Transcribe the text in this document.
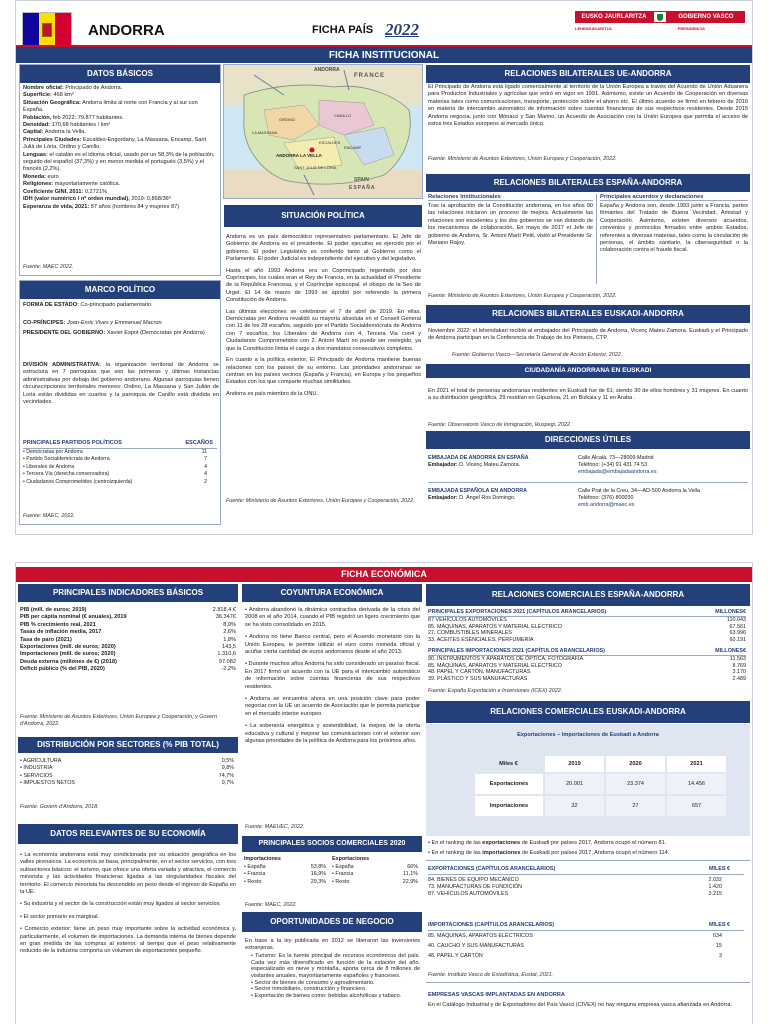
ANDORRA	FICHA PAÍS 2022
EUSKO JAURLARITZA	GOBIERNO VASCO
LEHENDAKARITZA	PRESIDENCIA
FICHA INSTITUCIONAL
DATOS BÁSICOS
Nombre oficial: Principado de Andorra.
Superficie: 468 km²
Situación Geográfica: Andorra limita al norte con Francia y al sur con España.
Población, feb 2022: 79.877 habitantes.
Densidad: 170,68 habitantes / km²
Capital: Andorra la Vella.
Principales Ciudades: Escaldes-Engordany, La Massana, Encamp, Sant Julià de Lòria, Ordino y Canillo.
Lenguas: el catalán es el idioma oficial, usado por un 58,3% de la población, seguido del español (37,3%) y en menor medida el portugués (3,5%) y el francés (2,2%).
Moneda: euro
Religiones: mayoritariamente católica.
Coeficiente GINI, 2011: 0,2721%
IDH (valor numérico / nº orden mundial), 2019: 0,868/36º
Esperanza de vida, 2021: 87 años (hombres 84 y mujeres 87)
Fuente: MAEC 2022.
MARCO POLÍTICO
FORMA DE ESTADO: Co-principado parlamentario.
CO-PRÍNCIPES: Joan-Enric Vives y Emmanuel Macron.
PRESIDENTE DEL GOBIERNO: Xavier Espot (Demócratas por Andorra)
DIVISIÓN ADMINISTRATIVA: la organización territorial de Andorra se estructura en 7 parroquias que son las primeras y últimas instancias administrativas por debajo del gobierno andorrano. Algunas parroquias tienen circunscripciones territoriales menores: Ordino, La Massana y San Julián de Loria están divididas en cuartos y la parroquia de Canillo está dividida en vecindades.
PRINCIPALES PARTIDOS POLÍTICOS	ESCAÑOS
• Demócratas por Andorra	11
• Partido Socialdemócrata de Andorra	7
• Liberales de Andorra	4
• Tercera Vía (derecha conservadora)	4
• Ciudadanos Comprometidos (centroizquierda)	2
Fuente: MAEC, 2022.
FRANCE
ANDORRA
ANDORRA LA VELLA
SPAIN
ESPAÑA
ORDINO
ENCAMP
CANILLO
LA MASSANA
ESCALDES
SANT JULIÀ DE LÒRIA
SITUACIÓN POLÍTICA

Andorra es un país democrático representativo parlamentario. El Jefe de Gobierno de Andorra es el presidente. El poder ejecutivo es ejercido por el gobierno. El poder Legislativo es conferido tanto al Gobierno como el Parlamento. El poder Judicial es independiente del ejecutivo y del legislativo.

Hasta el año 1993 Andorra era un Coprincipado regentado por dos Copríncipes, los cuales eran el Rey de Francia, en la actualidad el Presidente de la República Francesa, y el Copríncipe episcopal, el obispo de la Seo de Urgel. El 14 de marzo de 1993 se aprobó por referendo la primera Constitución de Andorra.

Las últimas elecciones se celebraron el 7 de abril de 2019. En ellas, Demócratas per Andorra revalidó su mayoría absoluta en el Consell General con 11 de los 28 escaños, seguido por el Partido Socialdemócrata de Andorra con 7 escaños, los Liberales de Andorra con 4, Tercera Via con4 y Ciudadanos Comprometidos con 2. Antoni Martí no puede ser reelegido, ya que la Constitución limita el cargo a dos mandatos consecutivos completos.

En cuanto a la política exterior, El Principado de Andorra mantiene buenas relaciones con los países de su entorno. Las prioridades andorranas se centran en los países vecinos (España y Francia), en Europa y los pequeños Estados con los que comparte muchas similitudes.

Andorra es país miembro de la ONU.

Fuente: Ministerio de Asuntos Exteriores, Unión Europea y Cooperación, 2022.
RELACIONES BILATERALES UE-ANDORRA
El Principado de Andorra está ligado comercialmente al territorio de la Unión Europea a través del Acuerdo de Unión Aduanera para Productos Industriales y agrícolas que entró en vigor en 1991. Asimismo, existe un Acuerdo de Cooperación en diversas materias tales como comunicaciones, transporte, protección sobre el ahorro etc. El último acuerdo se firmó en febrero de 2016 en materia de intercambio automático de información sobre cuentas financieras de sus respectivos residentes. Desde 2015 Andorra negocia, junto con Mónaco y San Marino, un Acuerdo de Asociación con la Unión Europea que permita el acceso de estos tres Estados europeos al mercado único.
Fuente: Ministerio de Asuntos Exteriores, Unión Europea y Cooperación, 2022.
RELACIONES BILATERALES ESPAÑA-ANDORRA
Relaciones Institucionales	Principales acuerdos y declaraciones
Tras la aprobación de la Constitución andorrana, en los años 90 las relaciones iniciaron un proceso de mejora. Actualmente las relaciones son excelentes y los dos gobiernos se van dotando de los mecanismos de colaboración. En mayo de 2017 el Jefe de gobierno de Andorra, Sr. Antoni Martí Petit, visitó al Presidente Sr. Mariano Rajoy.
España y Andorra son, desde 1993 junto a Francia, partes firmantes del Tratado de Buena Vecindad, Amistad y Cooperación. Asimismo, existen diversos acuerdos, convenios y protocolos firmados entre ambos Estados, referentes a diversas materias, tales como la circulación de personas, el ámbito sanitario, la ciberseguridad o la colaboración contra el fraude fiscal.
Fuente: Ministerio de Asuntos Exteriores, Unión Europea y Cooperación, 2022.
RELACIONES BILATERALES EUSKADI-ANDORRA
Noviembre 2022: el lehendakari recibió al embajador del Principado de Andorra, Vicenç Mateu Zamora. Euskadi y el Principado de Andorra participan en la Conferencia de Trabajo de los Pirineos, CTP.
Fuente: Gobierno Vasco—Secretaría General de Acción Exterior, 2022.
CIUDADANÍA ANDORRANA EN EUSKADI
En 2021 el total de personas andorranas residentes en Euskadi fue de 61; siendo 30 de ellos hombres y 31 mujeres. En cuanto a su distribución geográfica, 29 residían en Gipuzkoa, 21 en Bizkaia y 11 en Araba .
Fuente: Observatorio Vasco de Inmigración, Ikuspegi, 2022.
DIRECCIONES ÚTILES
EMBAJADA DE ANDORRA EN ESPAÑA
Embajador: D. Vicenç Mateu Zamora.
Calle Alcalá, 73—28009 Madrid
Teléfono: (+34) 91 431 74 53
embajada@embajadaandorra.es
EMBAJADA ESPAÑOLA EN ANDORRA
Embajador: D. Ángel Ros Domingo.
Calle Prat de la Creu, 34—AD-500 Andorra la Vella
Teléfono: (376) 800030
emb.andorra@maec.es
FICHA ECONÓMICA
PRINCIPALES INDICADORES BÁSICOS
PIB (mill. de euros; 2019)	2.818,4 €
PIB per cápita nominal (€ anuales), 2019	36.347€
PIB % crecimiento real, 2021	8,9%
Tasas de inflación media, 2017	2,6%
Tasa de paro (2021)	1,8%
Exportaciones (mill. de euros; 2020)	143,5
Importaciones (mill. de euros; 2020)	1.310,6
Deuda externa (millones de €) (2018)	97.082
Déficit público (% del PIB, 2020)	-2,2%
Fuente: Ministerio de Asuntos Exteriores, Unión Europea y Cooperación, y Govern d'Andorra, 2022.
DISTRIBUCIÓN POR SECTORES (% PIB TOTAL)
• AGRICULTURA	0,5%
• INDUSTRIA	9,8%
• SERVICIOS	74,7%
• IMPUESTOS NETOS	9,7%
Fuente: Govern d'Andorra, 2018.
DATOS RELEVANTES DE SU ECONOMÍA
• La economía andorrana está muy condicionada por su situación geográfica en los valles pirenaicos. La economía se basa, principalmente, en el sector servicios, con tres subsectores básicos: el turismo, que ofrece una oferta variada y atractiva, el comercio minorista y las actividades financieras ligadas a las singularidades fiscales del territorio. El comercio minorista ha descendido en peso desde el ingreso de España en la UE.
• Su industria y el sector de la construcción están muy ligados al sector servicios.
• El sector primario es marginal.
• Comercio exterior: tiene un peso muy importante sobre la actividad económica y, particularmente, el volumen de importaciones. La demanda interna de bienes depende en gran medida de las compras al exterior, al tiempo que el peso relativamente reducido de la industria comporta un volumen de exportaciones pequeño.
COYUNTURA ECONÓMICA
• Andorra abandonó la dinámica contractiva derivada de la crisis del 2008 en el año 2014, cuando el PIB registró un ligero crecimiento que se ha visto consolidado en 2015.
• Andorra no tiene Banco central, pero el Acuerdo monetario con la Unión Europea, le permite utilizar el euro como moneda oficial y acuñar cierta cantidad de euros andorranos desde el año 2013.
• Durante muchos años Andorra ha sido considerado un paraíso fiscal. En 2017 firmó un acuerdo con la UE para el intercambio automático de información sobre cuentas financieras de sus respectivos residentes.
• Andorra se encuentra ahora en una posición clave para poder negociar con la UE un acuerdo de Asociación que le permita participar en el mercado interior europeo.
• La soberanía energética y sostenibilidad, la mejora de la oferta educativa y cultural y mejorar las comunicaciones con el exterior son algunas prioridades de la política de Andorra para los próximos años.
Fuente: MAEUEC, 2022.
PRINCIPALES SOCIOS COMERCIALES 2020
Importaciones
• España	53,8%
• Francia	16,9%
• Resto	29,3%
Exportaciones
• España	66%
• Francia	11,1%
• Resto	22,9%
Fuente: MAEC, 2022.
OPORTUNIDADES DE NEGOCIO
En base a la ley publicada en 2012 se liberaron las inversiones extranjeras.
• Turismo: Es la fuente principal de recursos económicos del país. Cada vez más diversificado en función de la estación del año, especializado en nieve y montaña, aporta cerca de 8 millones de visitantes anuales, mayoritariamente españoles y franceses.
• Sector de bienes de consumo y agroalimentario.
• Sector inmobiliario, construcción y financiero.
• Exportación de bienes como: bebidas alcohólicas y tabaco.
RELACIONES COMERCIALES ESPAÑA-ANDORRA
PRINCIPALES EXPORTACIONES 2021 (CAPÍTULOS ARANCELARIOS)	MILLONES€
87 VEHÍCULOS AUTOMÓVILES	110.043
85. MÁQUINAS, APARATOS Y MATERIAL ELÉCTRICO	67.561
27. COMBUSTIBLES MINERALES	63.996
33. ACEITES ESENCIALES, PERFUMERÍA	60.191
PRINCIPALES IMPORTACIONES 2021 (CAPÍTULOS ARANCELARIOS)	MILLONES€
90. INSTRUMENTOS Y APARATOS DE ÓPTICA, FOTOGRAFÍA	11.563
85. MÁQUINAS, APARATOS Y MATERIAL ELÉCTRICO	8.769
48. PAPEL Y CARTÓN, MANUFACTURAS	3.170
39. PLÁSTICO Y SUS MANUFACTURAS	2.489
Fuente: España Exportación e Inversiones (ICEX) 2022.
RELACIONES COMERCIALES EUSKADI-ANDORRA
Exportaciones – Importaciones de Euskadi a Andorra
Miles €	2019	2020	2021
Exportaciones	20.001	23.374	14.456
Importaciones	32	27	657
• En el ranking de las exportaciones de Euskadi por países 2017, Andorra ocupó el número 81.
• En el ranking de las importaciones de Euskadi por países 2017, Andorra ocupó el número 114.
EXPORTACIONES (CAPÍTULOS ARANCELARIOS)	MILES €
84. BIENES DE EQUIPO MECÁNICO	2.032
73. MANUFACTURAS DE FUNDICIÓN	1.420
87. VEHÍCULOS AUTOMÓVILES	3.215
IMPORTACIONES (CAPÍTULOS ARANCELARIOS)	MILES €
85. MÁQUINAS, APARATOS ELÉCTRICOS	634
40. CAUCHO Y SUS MANUFACTURAS	15
48. PAPEL Y CARTÓN	3
Fuente: Instituto Vasco de Estadística, Eustat, 2021.
EMPRESAS VASCAS IMPLANTADAS EN ANDORRA
En el Catálogo Industrial y de Exportadores del País Vasco (CIVEX) no hay ninguna empresa vasca afianzada en Andorra.
